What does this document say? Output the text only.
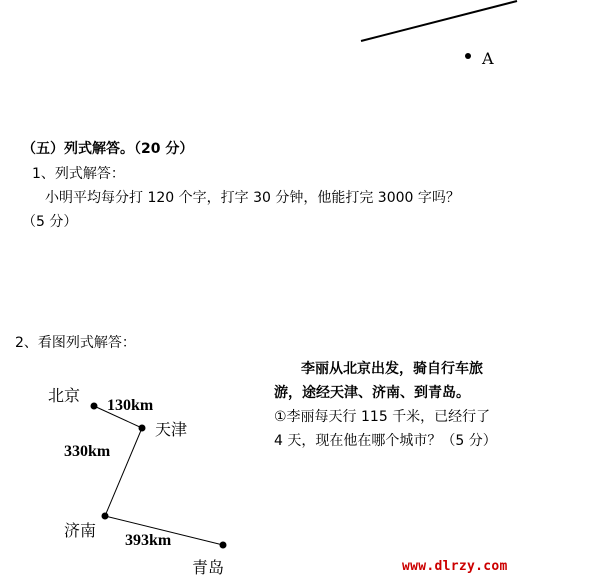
A
（五）列式解答。（20 分）
1、列式解答：
小明平均每分打 120 个字，打字 30 分钟，他能打完 3000 字吗？
（5 分）
2、看图列式解答：

李丽从北京出发，骑自行车旅

游，途经天津、济南、到青岛。

①李丽每天行 115 千米，已经行了

4 天，现在他在哪个城市？（5 分）

北京
天津
济南
青岛
130km
330km
393km
www.dlrzy.com
